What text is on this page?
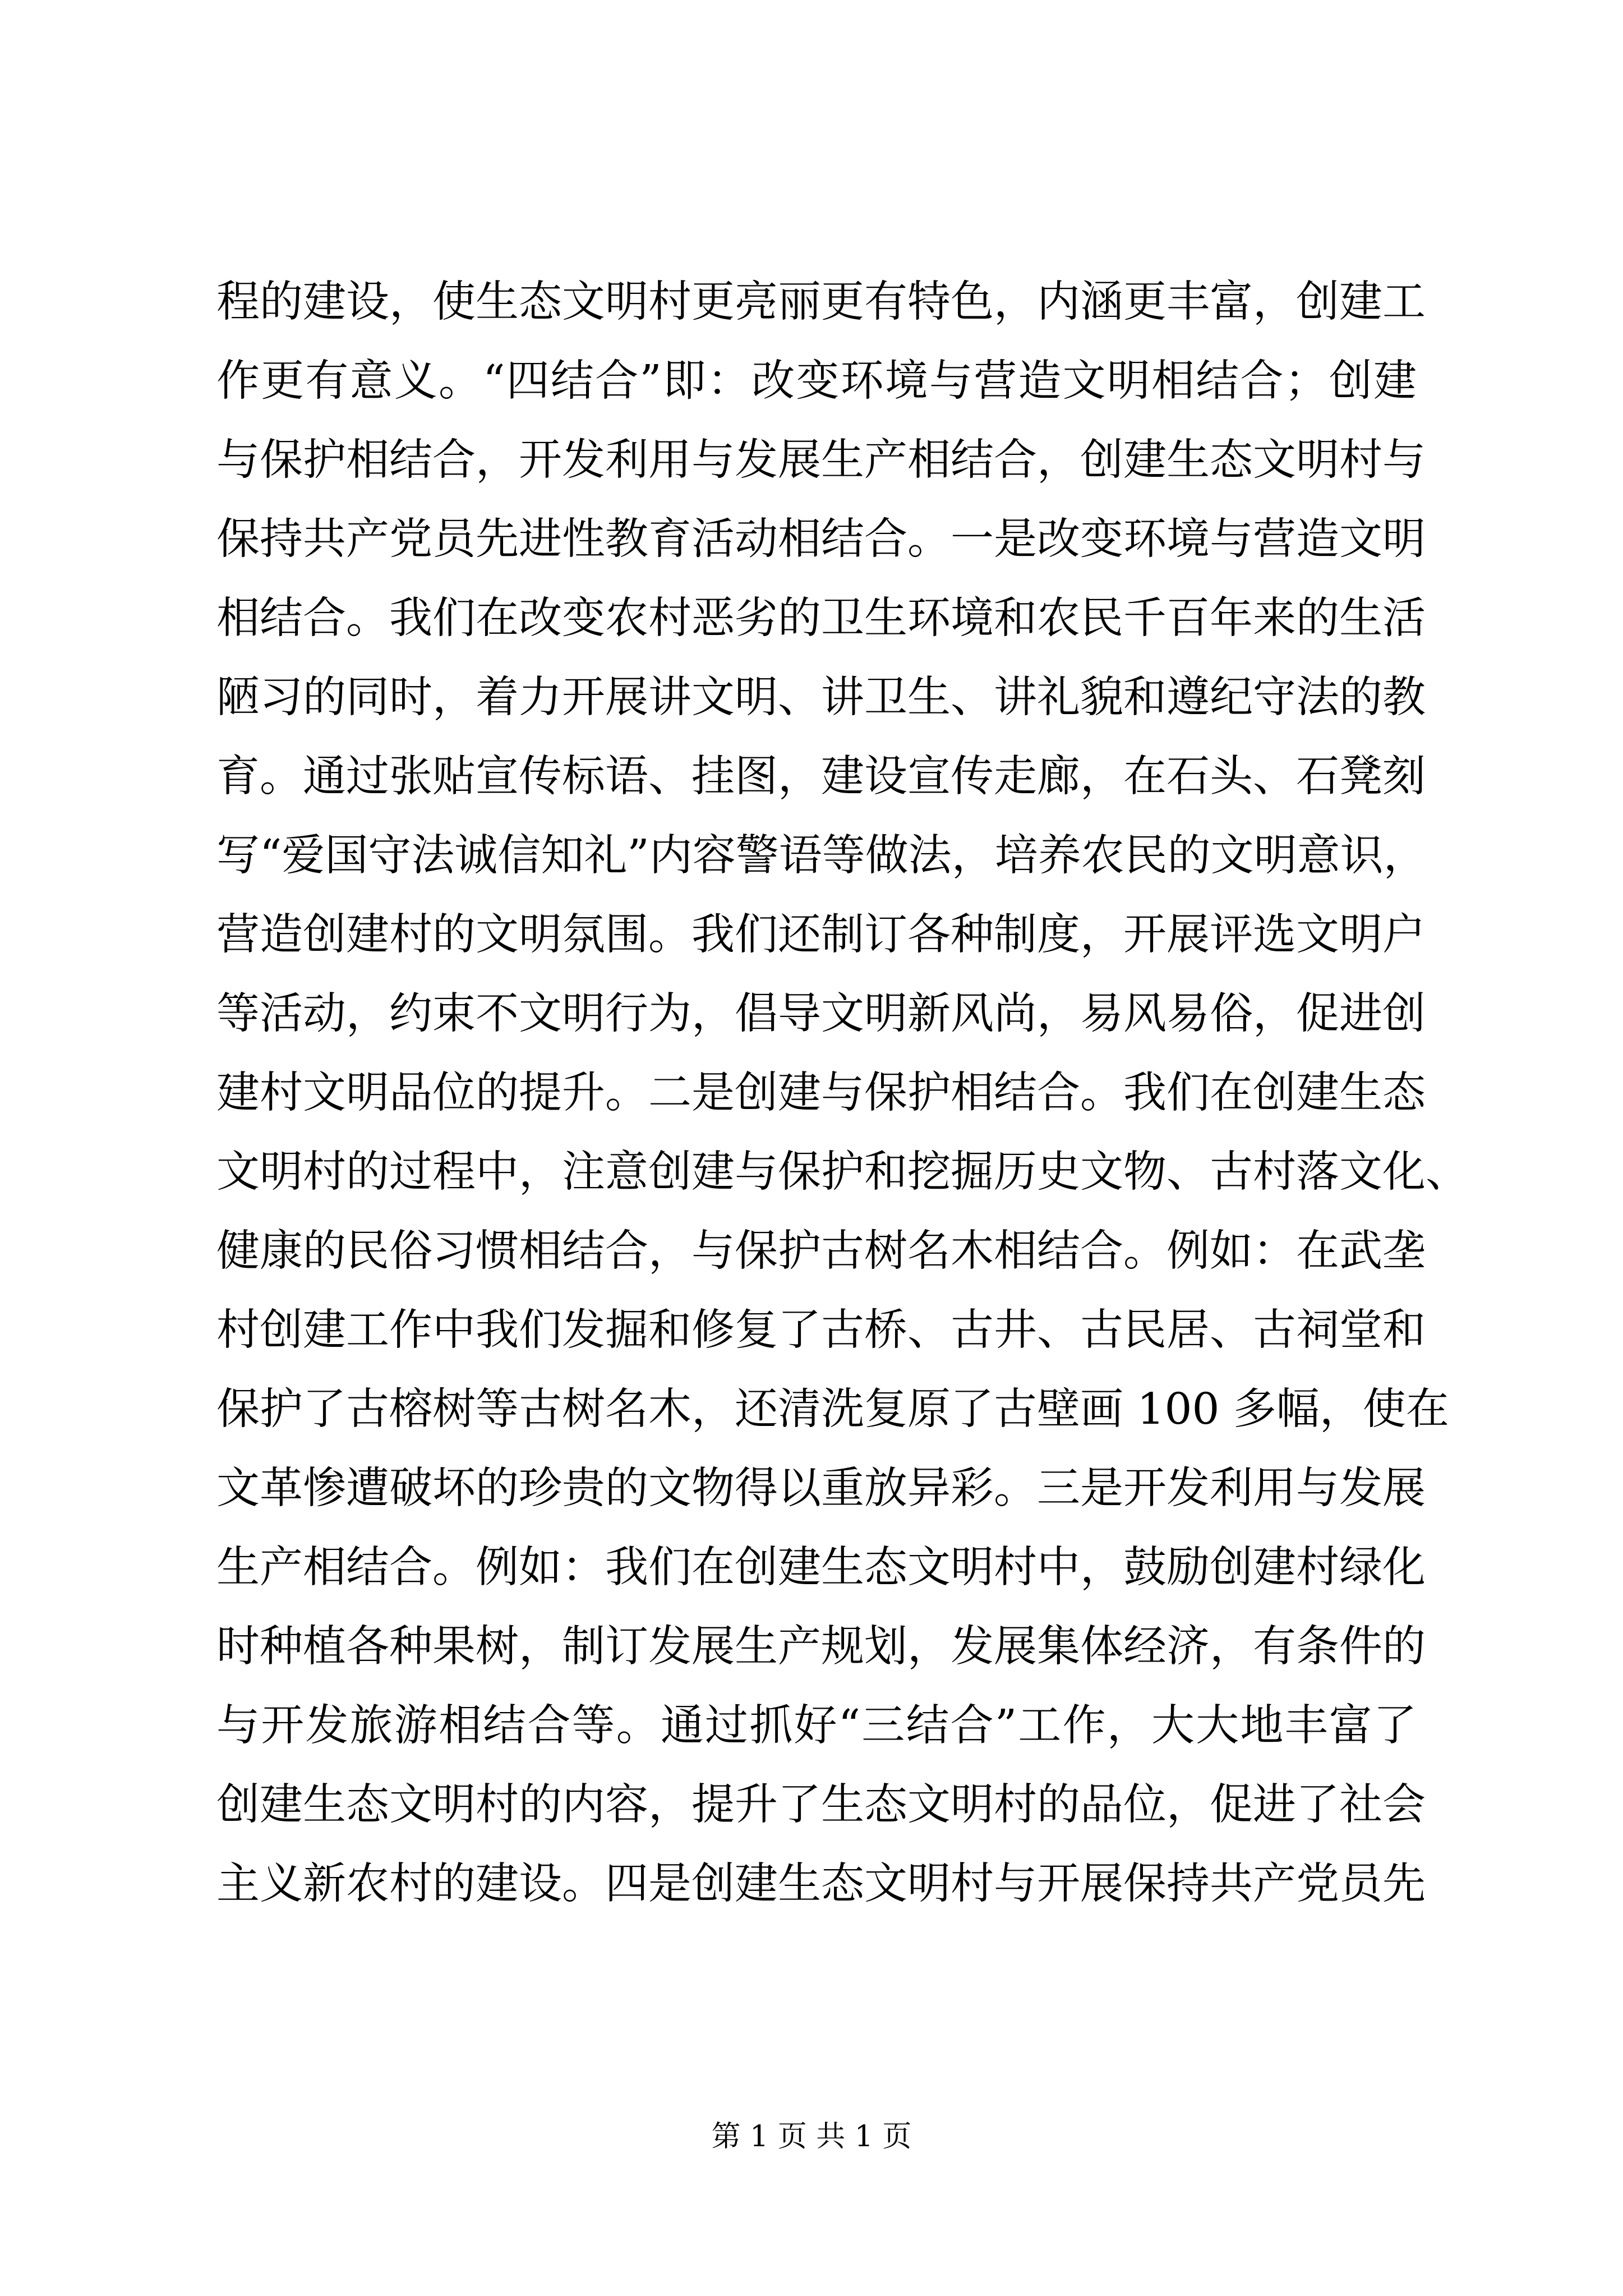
程的建设，使生态文明村更亮丽更有特色，内涵更丰富，创建工
作更有意义。“四结合”即：改变环境与营造文明相结合；创建
与保护相结合，开发利用与发展生产相结合，创建生态文明村与
保持共产党员先进性教育活动相结合。一是改变环境与营造文明
相结合。我们在改变农村恶劣的卫生环境和农民千百年来的生活
陋习的同时，着力开展讲文明、讲卫生、讲礼貌和遵纪守法的教
育。通过张贴宣传标语、挂图，建设宣传走廊，在石头、石凳刻
写“爱国守法诚信知礼”内容警语等做法，培养农民的文明意识，
营造创建村的文明氛围。我们还制订各种制度，开展评选文明户
等活动，约束不文明行为，倡导文明新风尚，易风易俗，促进创
建村文明品位的提升。二是创建与保护相结合。我们在创建生态
文明村的过程中，注意创建与保护和挖掘历史文物、古村落文化、
健康的民俗习惯相结合，与保护古树名木相结合。例如：在武垄
村创建工作中我们发掘和修复了古桥、古井、古民居、古祠堂和
保护了古榕树等古树名木，还清洗复原了古壁画 100 多幅，使在
文革惨遭破坏的珍贵的文物得以重放异彩。三是开发利用与发展
生产相结合。例如：我们在创建生态文明村中，鼓励创建村绿化
时种植各种果树，制订发展生产规划，发展集体经济，有条件的
与开发旅游相结合等。通过抓好“三结合”工作，大大地丰富了
创建生态文明村的内容，提升了生态文明村的品位，促进了社会
主义新农村的建设。四是创建生态文明村与开展保持共产党员先
第 1 页 共 1 页
